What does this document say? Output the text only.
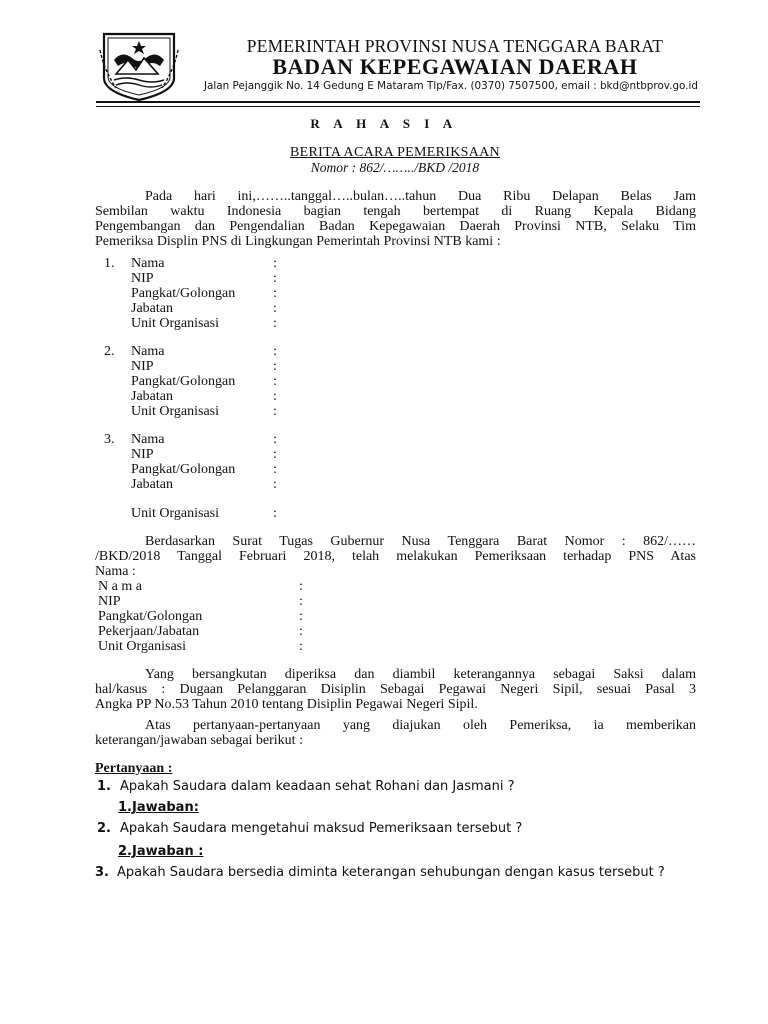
PEMERINTAH PROVINSI NUSA TENGGARA BARAT
BADAN KEPEGAWAIAN DAERAH
Jalan Pejanggik No. 14 Gedung E Mataram Tlp/Fax. (0370) 7507500, email : bkd@ntbprov.go.id
R A H A S I A
BERITA ACARA PEMERIKSAAN
Nomor : 862/……../BKD /2018
Pada hari ini,……..tanggal…..bulan…..tahun Dua Ribu Delapan Belas Jam
Sembilan waktu Indonesia bagian tengah bertempat di Ruang Kepala Bidang
Pengembangan dan Pengendalian Badan Kepegawaian Daerah Provinsi NTB, Selaku Tim
Pemeriksa Displin PNS di Lingkungan Pemerintah Provinsi NTB kami :
1. Nama
NIP
Pangkat/Golongan
Jabatan
Unit Organisasi
:
:
:
:
:
2. Nama
NIP
Pangkat/Golongan
Jabatan
Unit Organisasi
:
:
:
:
:
3. Nama
NIP
Pangkat/Golongan
Jabatan
Unit Organisasi
:
:
:
:
:
Berdasarkan Surat Tugas Gubernur Nusa Tenggara Barat Nomor : 862/……
/BKD/2018 Tanggal Februari 2018, telah melakukan Pemeriksaan terhadap PNS Atas
Nama :
N a m a
NIP
Pangkat/Golongan
Pekerjaan/Jabatan
Unit Organisasi
:
:
:
:
:
Yang bersangkutan diperiksa dan diambil keterangannya sebagai Saksi dalam
hal/kasus : Dugaan Pelanggaran Disiplin Sebagai Pegawai Negeri Sipil, sesuai Pasal 3
Angka PP No.53 Tahun 2010 tentang Disiplin Pegawai Negeri Sipil.
Atas pertanyaan-pertanyaan yang diajukan oleh Pemeriksa, ia memberikan
keterangan/jawaban sebagai berikut :
Pertanyaan :
1. Apakah Saudara dalam keadaan sehat Rohani dan Jasmani ?
1.Jawaban:
2. Apakah Saudara mengetahui maksud Pemeriksaan tersebut ?
2.Jawaban :
3. Apakah Saudara bersedia diminta keterangan sehubungan dengan kasus tersebut ?
